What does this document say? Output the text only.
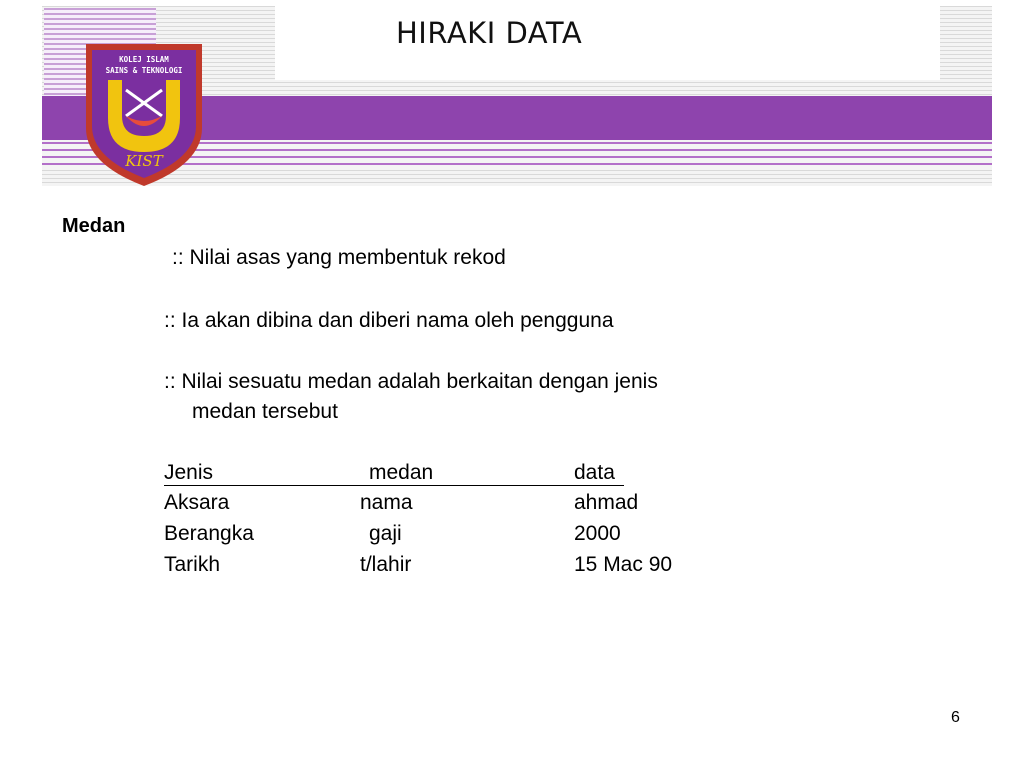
HIRAKI DATA
KOLEJ ISLAM
SAINS & TEKNOLOGI
KIST
Medan
:: Nilai asas yang membentuk rekod
:: Ia akan dibina dan diberi nama oleh pengguna
:: Nilai sesuatu medan adalah berkaitan dengan jenis
medan tersebut
Jenis	medan	data
Aksara	nama	ahmad
Berangka	gaji	2000
Tarikh	t/lahir	15 Mac 90
6
